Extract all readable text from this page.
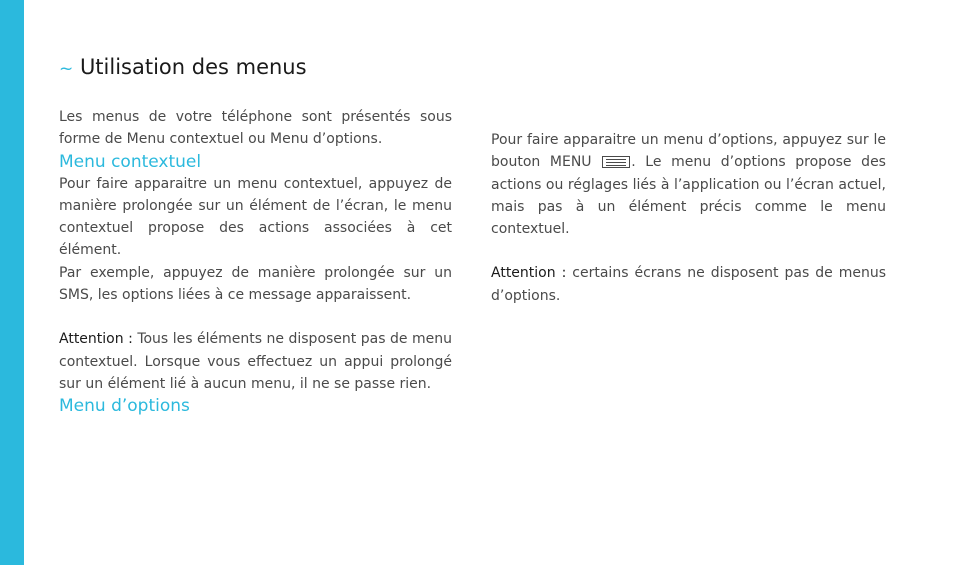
~ Utilisation des menus

Les menus de votre téléphone sont présentés sous forme de Menu contextuel ou Menu d’options.

Menu contextuel

Pour faire apparaitre un menu contextuel, appuyez de manière prolongée sur un élément de l’écran, le menu contextuel propose des actions associées à cet élément.

Par exemple, appuyez de manière prolongée sur un SMS, les options liées à ce message apparaissent.

Attention : Tous les éléments ne disposent pas de menu contextuel. Lorsque vous effectuez un appui prolongé sur un élément lié à aucun menu, il ne se passe rien.

Menu d’options

Pour faire apparaitre un menu d’options, appuyez sur le bouton MENU
. Le menu d’options propose des actions ou réglages liés à l’application ou l’écran actuel, mais pas à un élément précis comme le menu contextuel.

Attention : certains écrans ne disposent pas de menus d’options.
